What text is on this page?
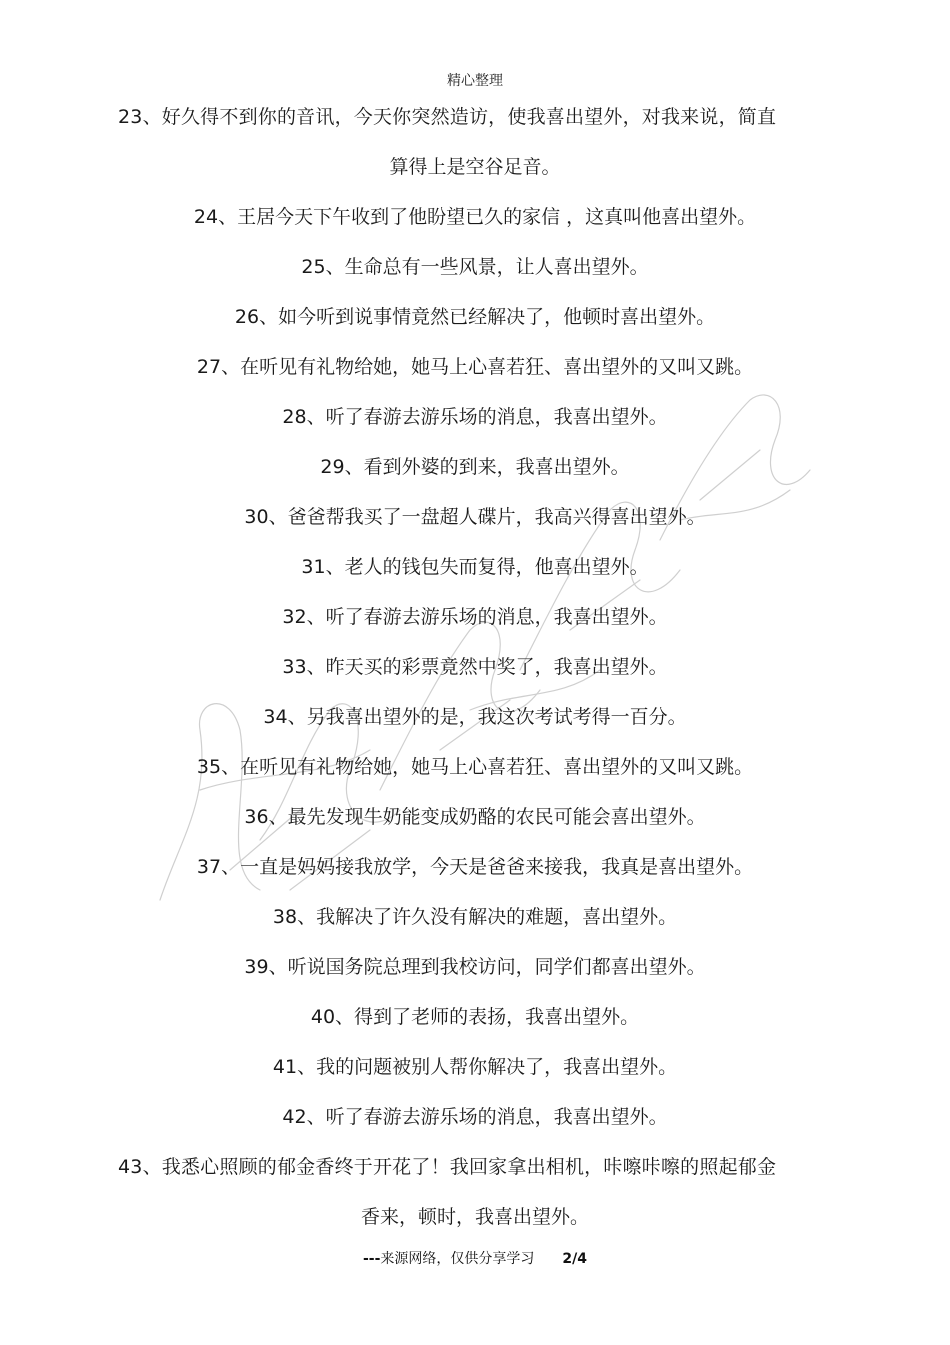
精心整理
23、好久得不到你的音讯，今天你突然造访，使我喜出望外，对我来说，简直
算得上是空谷足音。
24、王居今天下午收到了他盼望已久的家信 ，这真叫他喜出望外。
25、生命总有一些风景，让人喜出望外。
26、如今听到说事情竟然已经解决了，他顿时喜出望外。
27、在听见有礼物给她，她马上心喜若狂、喜出望外的又叫又跳。
28、听了春游去游乐场的消息，我喜出望外。
29、看到外婆的到来，我喜出望外。
30、爸爸帮我买了一盘超人碟片，我高兴得喜出望外。
31、老人的钱包失而复得，他喜出望外。
32、听了春游去游乐场的消息，我喜出望外。
33、昨天买的彩票竟然中奖了，我喜出望外。
34、另我喜出望外的是，我这次考试考得一百分。
35、在听见有礼物给她，她马上心喜若狂、喜出望外的又叫又跳。
36、最先发现牛奶能变成奶酪的农民可能会喜出望外。
37、一直是妈妈接我放学，今天是爸爸来接我，我真是喜出望外。
38、我解决了许久没有解决的难题，喜出望外。
39、听说国务院总理到我校访问，同学们都喜出望外。
40、得到了老师的表扬，我喜出望外。
41、我的问题被别人帮你解决了，我喜出望外。
42、听了春游去游乐场的消息，我喜出望外。
43、我悉心照顾的郁金香终于开花了！我回家拿出相机，咔嚓咔嚓的照起郁金
香来，顿时，我喜出望外。
---来源网络，仅供分享学习 2/4
